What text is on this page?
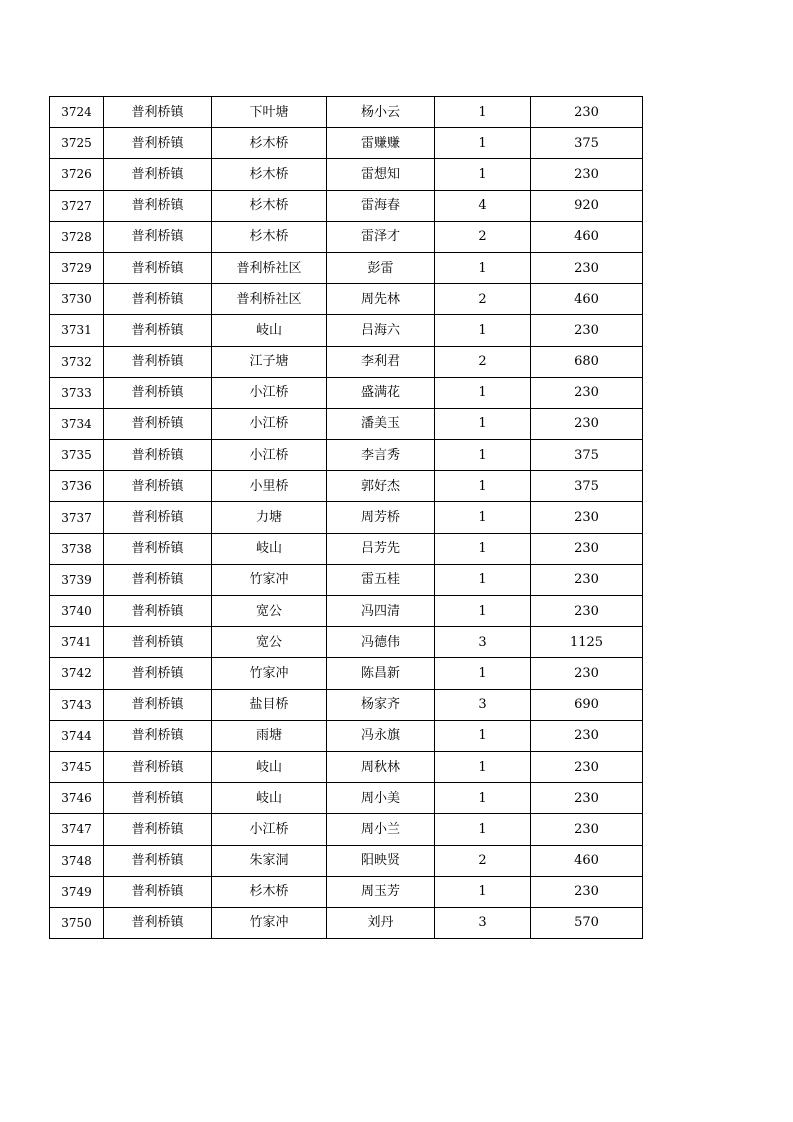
3724	普利桥镇	下叶塘	杨小云	1	230
3725	普利桥镇	杉木桥	雷赚赚	1	375
3726	普利桥镇	杉木桥	雷想知	1	230
3727	普利桥镇	杉木桥	雷海春	4	920
3728	普利桥镇	杉木桥	雷泽才	2	460
3729	普利桥镇	普利桥社区	彭雷	1	230
3730	普利桥镇	普利桥社区	周先林	2	460
3731	普利桥镇	岐山	吕海六	1	230
3732	普利桥镇	江子塘	李利君	2	680
3733	普利桥镇	小江桥	盛满花	1	230
3734	普利桥镇	小江桥	潘美玉	1	230
3735	普利桥镇	小江桥	李言秀	1	375
3736	普利桥镇	小里桥	郭好杰	1	375
3737	普利桥镇	力塘	周芳桥	1	230
3738	普利桥镇	岐山	吕芳先	1	230
3739	普利桥镇	竹家冲	雷五桂	1	230
3740	普利桥镇	宽公	冯四清	1	230
3741	普利桥镇	宽公	冯德伟	3	1125
3742	普利桥镇	竹家冲	陈昌新	1	230
3743	普利桥镇	盐目桥	杨家齐	3	690
3744	普利桥镇	雨塘	冯永旗	1	230
3745	普利桥镇	岐山	周秋林	1	230
3746	普利桥镇	岐山	周小美	1	230
3747	普利桥镇	小江桥	周小兰	1	230
3748	普利桥镇	朱家洞	阳映贤	2	460
3749	普利桥镇	杉木桥	周玉芳	1	230
3750	普利桥镇	竹家冲	刘丹	3	570
